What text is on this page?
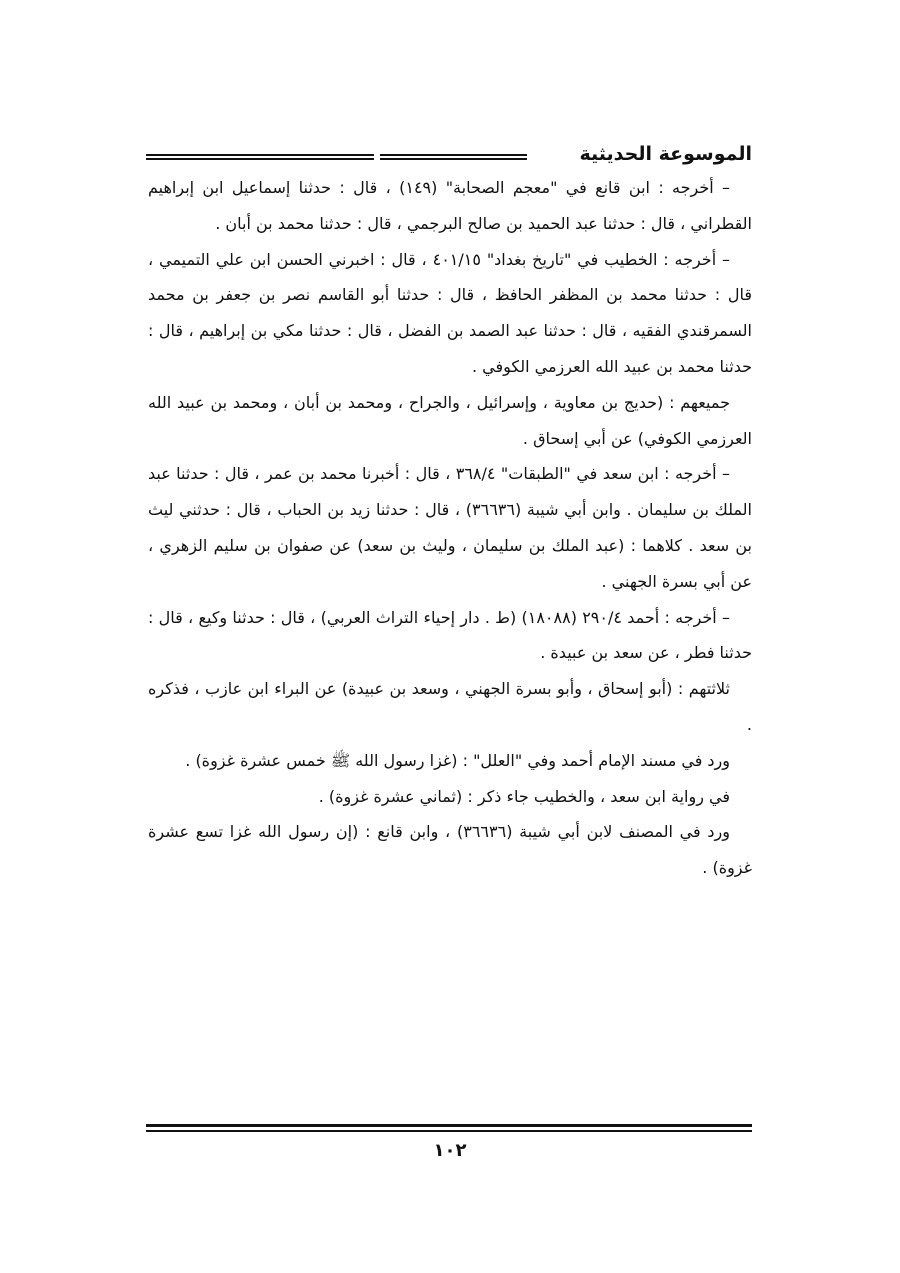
الموسوعة الحديثية

– أخرجه : ابن قانع في "معجم الصحابة" (١٤٩) ، قال : حدثنا إسماعيل ابن إبراهيم القطراني ، قال : حدثنا عبد الحميد بن صالح البرجمي ، قال : حدثنا محمد بن أبان .

– أخرجه : الخطيب في "تاريخ بغداد" ٤٠١/١٥ ، قال : اخبرني الحسن ابن علي التميمي ، قال : حدثنا محمد بن المظفر الحافظ ، قال : حدثنا أبو القاسم نصر بن جعفر بن محمد السمرقندي الفقيه ، قال : حدثنا عبد الصمد بن الفضل ، قال : حدثنا مكي بن إبراهيم ، قال : حدثنا محمد بن عبيد الله العرزمي الكوفي .

جميعهم : (حديج بن معاوية ، وإسرائيل ، والجراح ، ومحمد بن أبان ، ومحمد بن عبيد الله العرزمي الكوفي) عن أبي إسحاق .

– أخرجه : ابن سعد في "الطبقات" ٣٦٨/٤ ، قال : أخبرنا محمد بن عمر ، قال : حدثنا عبد الملك بن سليمان . وابن أبي شيبة (٣٦٦٣٦) ، قال : حدثنا زيد بن الحباب ، قال : حدثني ليث بن سعد . كلاهما : (عبد الملك بن سليمان ، وليث بن سعد) عن صفوان بن سليم الزهري ، عن أبي بسرة الجهني .

– أخرجه : أحمد ٢٩٠/٤ (١٨٠٨٨) (ط . دار إحياء التراث العربي) ، قال : حدثنا وكيع ، قال : حدثنا فطر ، عن سعد بن عبيدة .

ثلاثتهم : (أبو إسحاق ، وأبو بسرة الجهني ، وسعد بن عبيدة) عن البراء ابن عازب ، فذكره .

ورد في مسند الإمام أحمد وفي "العلل" : (غزا رسول الله ﷺ خمس عشرة غزوة) .

في رواية ابن سعد ، والخطيب جاء ذكر : (ثماني عشرة غزوة) .

ورد في المصنف لابن أبي شيبة (٣٦٦٣٦) ، وابن قانع : (إن رسول الله غزا تسع عشرة غزوة) .

١٠٢
